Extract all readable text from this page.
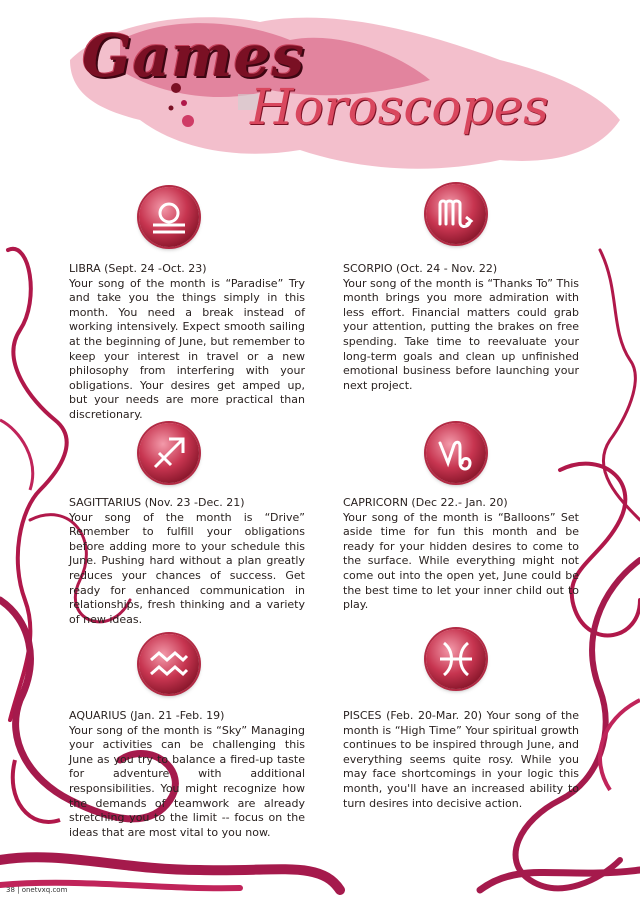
Games
Horoscopes
LIBRA (Sept. 24 -Oct. 23)
Your song of the month is “Paradise” Try and take you the things simply in this month. You need a break instead of working intensively. Expect smooth sailing at the beginning of June, but remember to keep your interest in travel or a new philosophy from interfering with your obligations. Your desires get amped up, but your needs are more practical than discretionary.
SCORPIO (Oct. 24 - Nov. 22)
Your song of the month is “Thanks To” This month brings you more admiration with less effort. Financial matters could grab your attention, putting the brakes on free spending. Take time to reevaluate your long-term goals and clean up unfinished emotional business before launching your next project.
SAGITTARIUS (Nov. 23 -Dec. 21)
Your song of the month is “Drive” Remember to fulfill your obligations before adding more to your schedule this June. Pushing hard without a plan greatly reduces your chances of success. Get ready for enhanced communication in relationships, fresh thinking and a variety of new ideas.
CAPRICORN (Dec 22.- Jan. 20)
Your song of the month is “Balloons” Set aside time for fun this month and be ready for your hidden desires to come to the surface. While everything might not come out into the open yet, June could be the best time to let your inner child out to play.
AQUARIUS (Jan. 21 -Feb. 19)
Your song of the month is “Sky” Managing your activities can be challenging this June as you try to balance a fired-up taste for adventure with additional responsibilities. You might recognize how the demands of teamwork are already stretching you to the limit -- focus on the ideas that are most vital to you now.
PISCES (Feb. 20-Mar. 20) Your song of the month is “High Time” Your spiritual growth continues to be inspired through June, and everything seems quite rosy. While you may face shortcomings in your logic this month, you'll have an increased ability to turn desires into decisive action.
38 | onetvxq.com
